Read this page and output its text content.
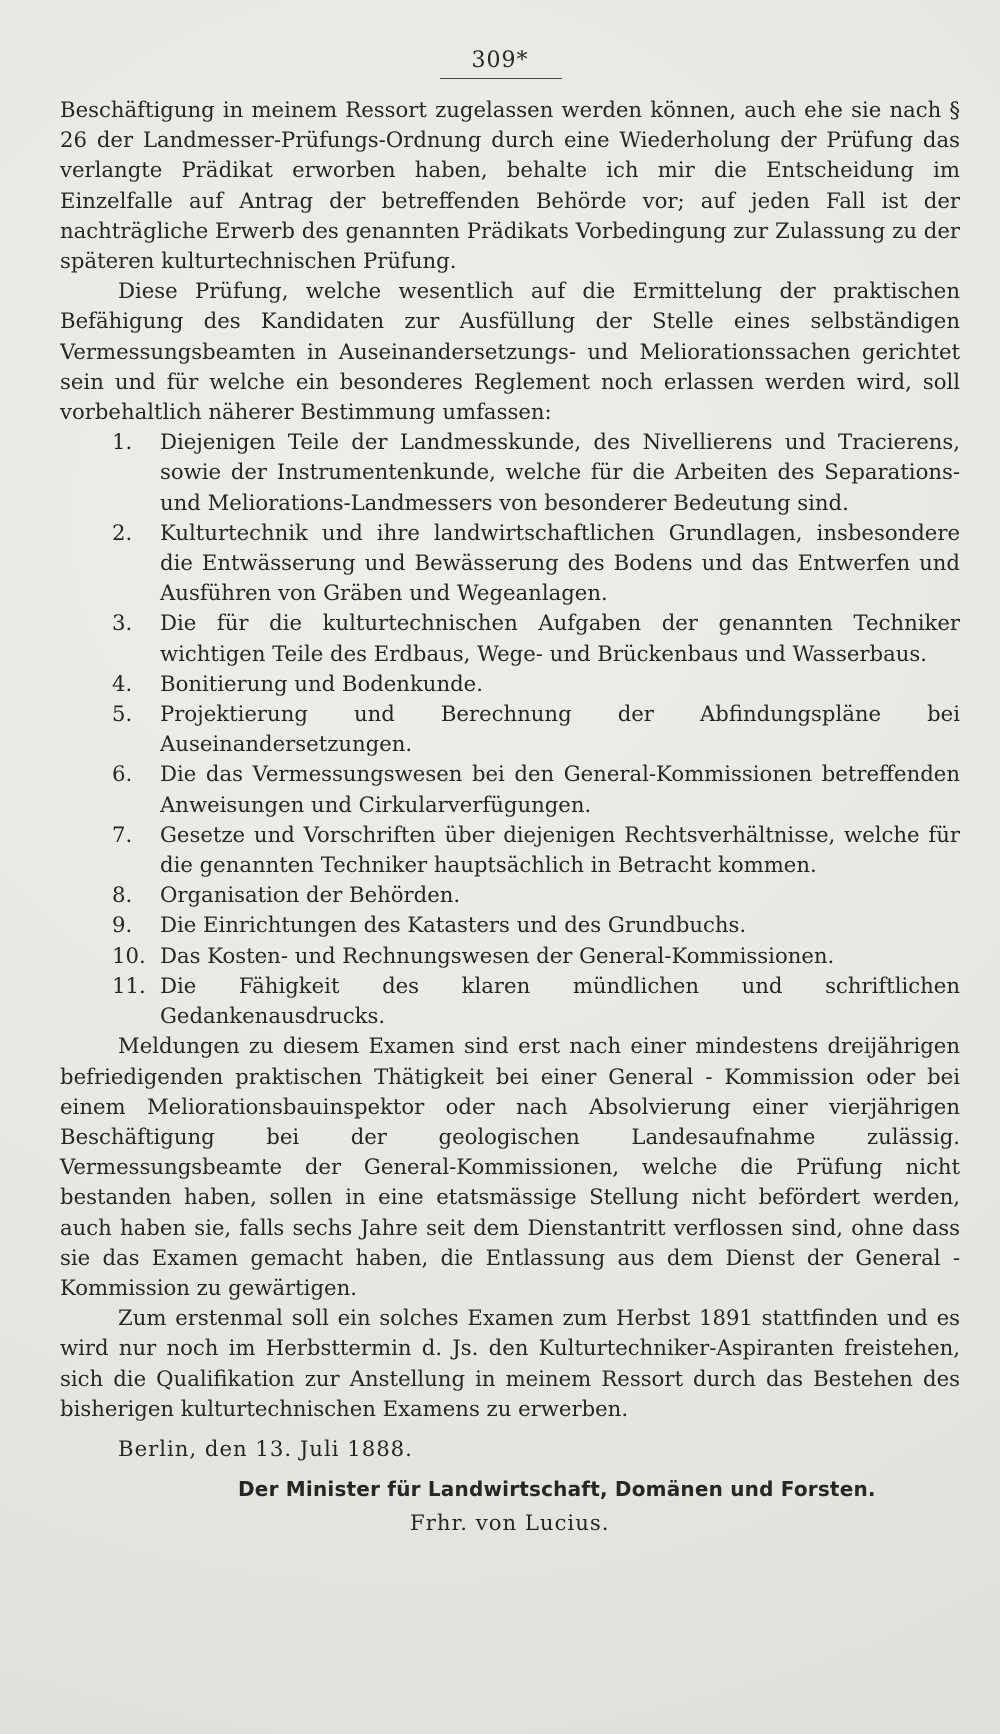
309*

Beschäftigung in meinem Ressort zugelassen werden können, auch ehe sie nach § 26 der Landmesser-Prüfungs-Ordnung durch eine Wiederholung der Prüfung das verlangte Prädikat erworben haben, behalte ich mir die Entscheidung im Einzelfalle auf Antrag der betreffenden Behörde vor; auf jeden Fall ist der nachträgliche Erwerb des genannten Prädikats Vorbedingung zur Zulassung zu der späteren kulturtechnischen Prüfung.

Diese Prüfung, welche wesentlich auf die Ermittelung der praktischen Befähigung des Kandidaten zur Ausfüllung der Stelle eines selbständigen Vermessungsbeamten in Auseinandersetzungs- und Meliorationssachen gerichtet sein und für welche ein besonderes Reglement noch erlassen werden wird, soll vorbehaltlich näherer Bestimmung umfassen:

1.	Diejenigen Teile der Landmesskunde, des Nivellierens und Tracierens, sowie der Instrumentenkunde, welche für die Arbeiten des Separations- und Meliorations-Landmessers von besonderer Bedeutung sind.
2.	Kulturtechnik und ihre landwirtschaftlichen Grundlagen, insbesondere die Entwässerung und Bewässerung des Bodens und das Entwerfen und Ausführen von Gräben und Wegeanlagen.
3.	Die für die kulturtechnischen Aufgaben der genannten Techniker wichtigen Teile des Erdbaus, Wege- und Brückenbaus und Wasserbaus.
4.	Bonitierung und Bodenkunde.
5.	Projektierung und Berechnung der Abfindungspläne bei Auseinandersetzungen.
6.	Die das Vermessungswesen bei den General-Kommissionen betreffenden Anweisungen und Cirkularverfügungen.
7.	Gesetze und Vorschriften über diejenigen Rechtsverhältnisse, welche für die genannten Techniker hauptsächlich in Betracht kommen.
8.	Organisation der Behörden.
9.	Die Einrichtungen des Katasters und des Grundbuchs.
10. Das Kosten- und Rechnungswesen der General-Kommissionen.
11. Die Fähigkeit des klaren mündlichen und schriftlichen Gedankenausdrucks.

Meldungen zu diesem Examen sind erst nach einer mindestens dreijährigen befriedigenden praktischen Thätigkeit bei einer General - Kommission oder bei einem Meliorationsbauinspektor oder nach Absolvierung einer vierjährigen Beschäftigung bei der geologischen Landesaufnahme zulässig. Vermessungsbeamte der General-Kommissionen, welche die Prüfung nicht bestanden haben, sollen in eine etatsmässige Stellung nicht befördert werden, auch haben sie, falls sechs Jahre seit dem Dienstantritt verflossen sind, ohne dass sie das Examen gemacht haben, die Entlassung aus dem Dienst der General - Kommission zu gewärtigen.

Zum erstenmal soll ein solches Examen zum Herbst 1891 stattfinden und es wird nur noch im Herbsttermin d. Js. den Kulturtechniker-Aspiranten freistehen, sich die Qualifikation zur Anstellung in meinem Ressort durch das Bestehen des bisherigen kulturtechnischen Examens zu erwerben.

Berlin, den 13. Juli 1888.

Der Minister für Landwirtschaft, Domänen und Forsten.

Frhr. von Lucius.
